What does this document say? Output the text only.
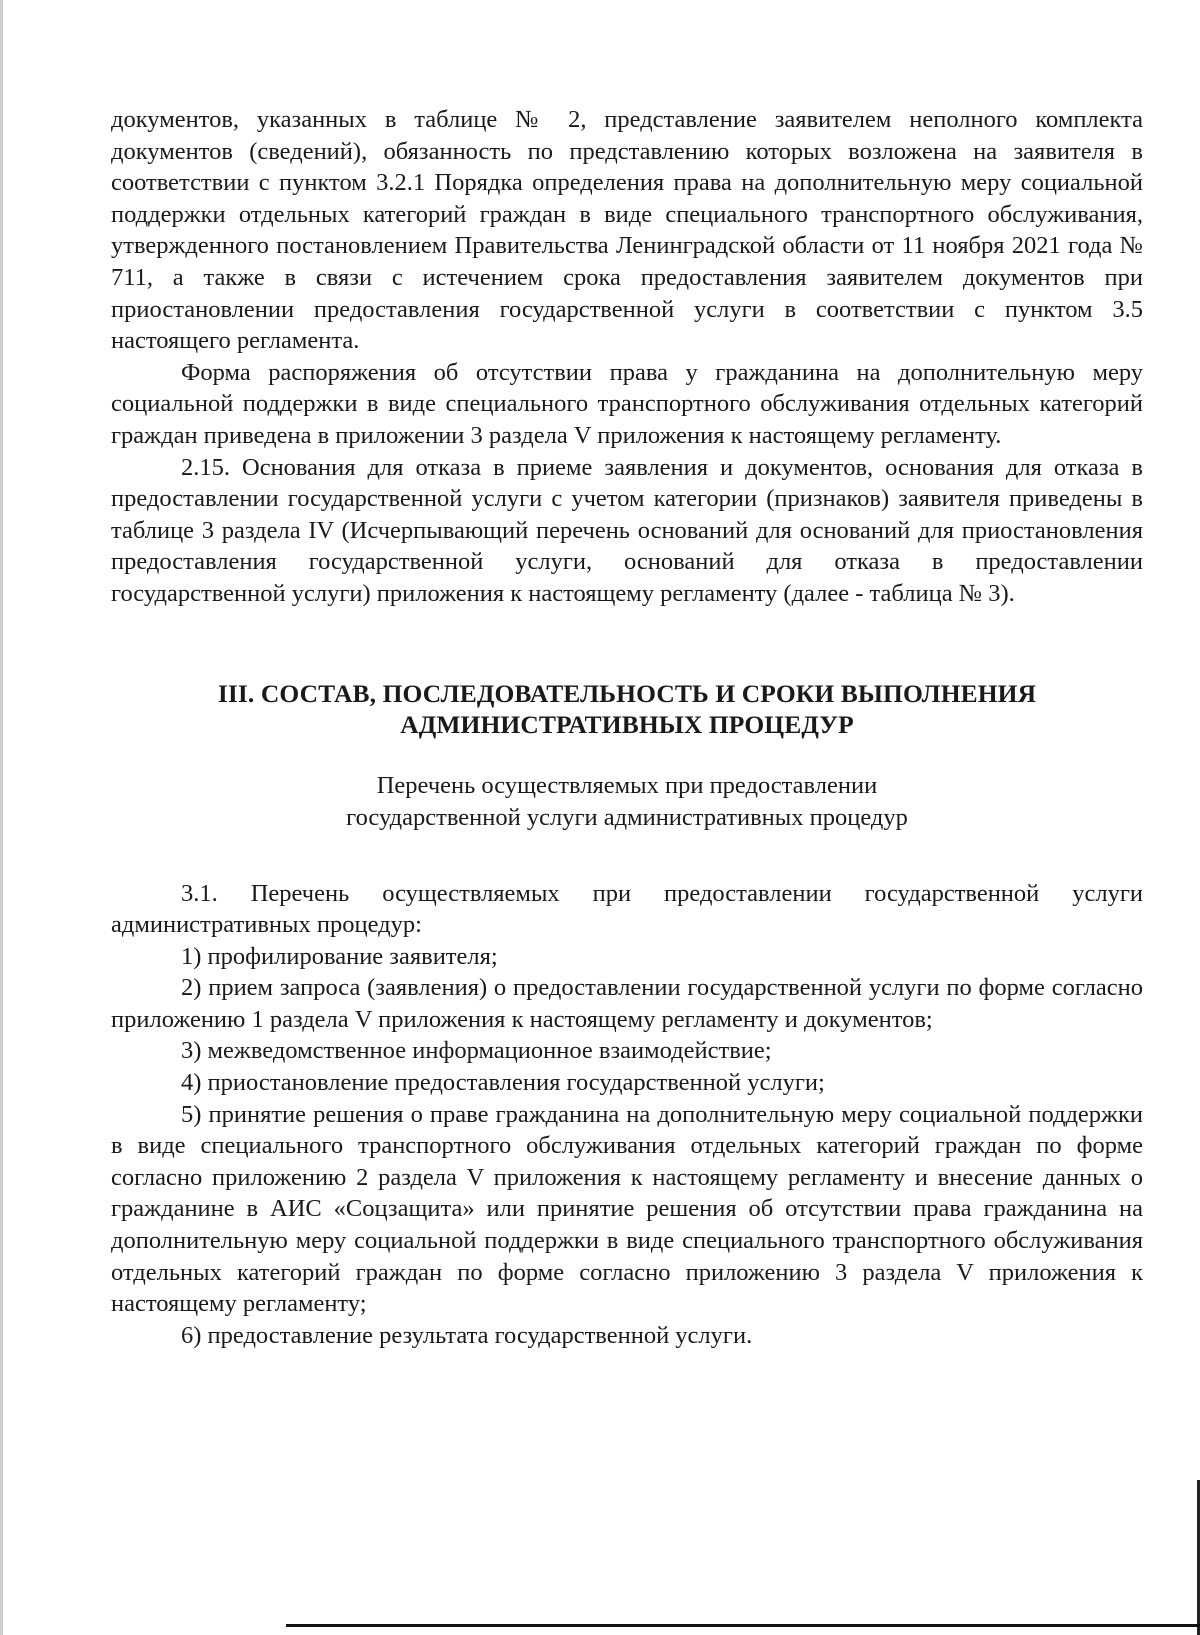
документов, указанных в таблице № 2, представление заявителем неполного комплекта документов (сведений), обязанность по представлению которых возложена на заявителя в соответствии с пунктом 3.2.1 Порядка определения права на дополнительную меру социальной поддержки отдельных категорий граждан в виде специального транспортного обслуживания, утвержденного постановлением Правительства Ленинградской области от 11 ноября 2021 года № 711, а также в связи с истечением срока предоставления заявителем документов при приостановлении предоставления государственной услуги в соответствии с пунктом 3.5 настоящего регламента.

Форма распоряжения об отсутствии права у гражданина на дополнительную меру социальной поддержки в виде специального транспортного обслуживания отдельных категорий граждан приведена в приложении 3 раздела V приложения к настоящему регламенту.

2.15. Основания для отказа в приеме заявления и документов, основания для отказа в предоставлении государственной услуги с учетом категории (признаков) заявителя приведены в таблице 3 раздела IV (Исчерпывающий перечень оснований для оснований для приостановления предоставления государственной услуги, оснований для отказа в предоставлении государственной услуги) приложения к настоящему регламенту (далее - таблица № 3).

III. СОСТАВ, ПОСЛЕДОВАТЕЛЬНОСТЬ И СРОКИ ВЫПОЛНЕНИЯ
АДМИНИСТРАТИВНЫХ ПРОЦЕДУР
Перечень осуществляемых при предоставлении
государственной услуги административных процедур

3.1. Перечень осуществляемых при предоставлении государственной услуги административных процедур:

1) профилирование заявителя;

2) прием запроса (заявления) о предоставлении государственной услуги по форме согласно приложению 1 раздела V приложения к настоящему регламенту и документов;

3) межведомственное информационное взаимодействие;

4) приостановление предоставления государственной услуги;

5) принятие решения о праве гражданина на дополнительную меру социальной поддержки в виде специального транспортного обслуживания отдельных категорий граждан по форме согласно приложению 2 раздела V приложения к настоящему регламенту и внесение данных о гражданине в АИС «Соцзащита» или принятие решения об отсутствии права гражданина на дополнительную меру социальной поддержки в виде специального транспортного обслуживания отдельных категорий граждан по форме согласно приложению 3 раздела V приложения к настоящему регламенту;

6) предоставление результата государственной услуги.
